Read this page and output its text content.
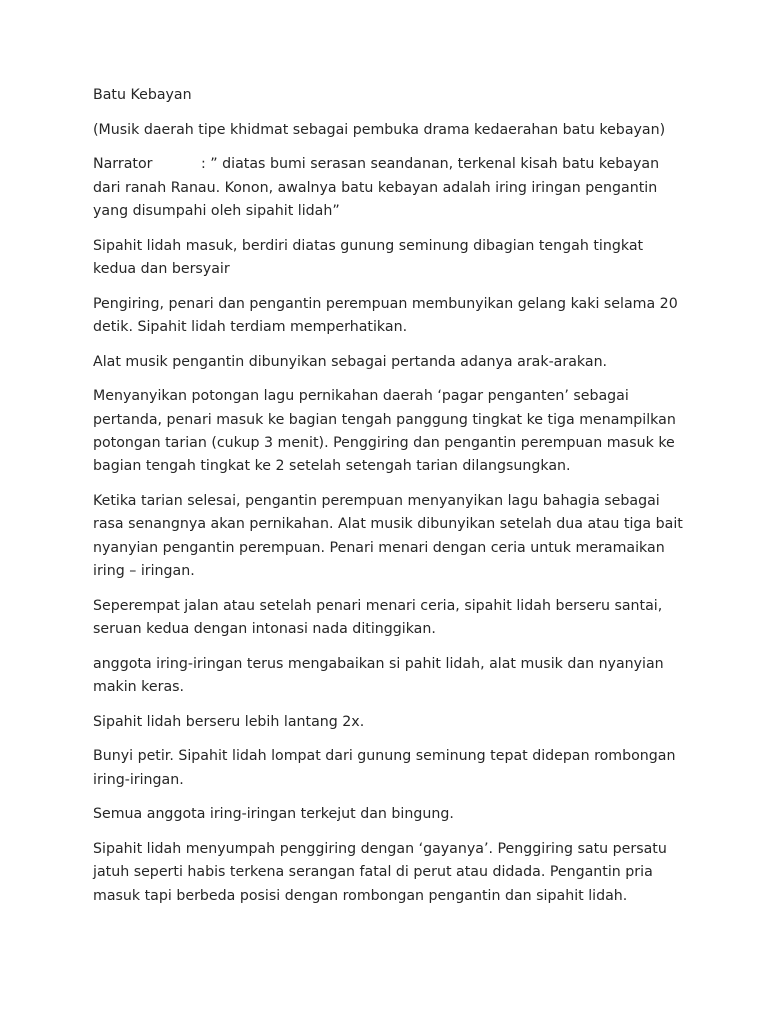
Batu Kebayan

(Musik daerah tipe khidmat sebagai pembuka drama kedaerahan batu kebayan)

Narrator	: ” diatas bumi serasan seandanan, terkenal kisah batu kebayan dari ranah Ranau. Konon, awalnya batu kebayan adalah iring iringan pengantin yang disumpahi oleh sipahit lidah”

Sipahit lidah masuk, berdiri diatas gunung seminung dibagian tengah tingkat kedua dan bersyair

Pengiring, penari dan pengantin perempuan membunyikan gelang kaki selama 20 detik. Sipahit lidah terdiam memperhatikan.

Alat musik pengantin dibunyikan sebagai pertanda adanya arak-arakan.

Menyanyikan potongan lagu pernikahan daerah ‘pagar penganten’ sebagai pertanda, penari masuk ke bagian tengah panggung tingkat ke tiga menampilkan potongan tarian (cukup 3 menit). Penggiring dan pengantin perempuan masuk ke bagian tengah tingkat ke 2 setelah setengah tarian dilangsungkan.

Ketika tarian selesai, pengantin perempuan menyanyikan lagu bahagia sebagai rasa senangnya akan pernikahan. Alat musik dibunyikan setelah dua atau tiga bait nyanyian pengantin perempuan. Penari menari dengan ceria untuk meramaikan iring – iringan.

Seperempat jalan atau setelah penari menari ceria, sipahit lidah berseru santai, seruan kedua dengan intonasi nada ditinggikan.

anggota iring-iringan terus mengabaikan si pahit lidah, alat musik dan nyanyian makin keras.

Sipahit lidah berseru lebih lantang 2x.

Bunyi petir. Sipahit lidah lompat dari gunung seminung tepat didepan rombongan iring-iringan.

Semua anggota iring-iringan terkejut dan bingung.

Sipahit lidah menyumpah penggiring dengan ‘gayanya’. Penggiring satu persatu jatuh seperti habis terkena serangan fatal di perut atau didada. Pengantin pria masuk tapi berbeda posisi dengan rombongan pengantin dan sipahit lidah.
